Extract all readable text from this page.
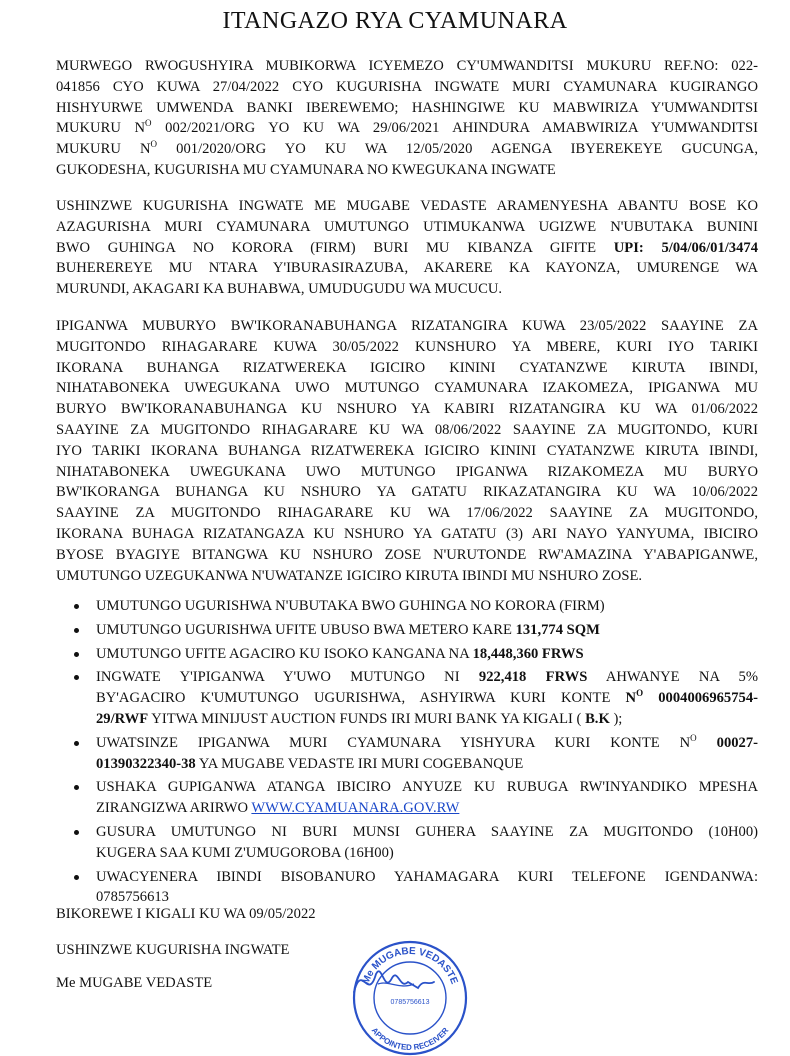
ITANGAZO RYA CYAMUNARA
MURWEGO RWOGUSHYIRA MUBIKORWA ICYEMEZO CY'UMWANDITSI MUKURU REF.NO: 022-
041856 CYO KUWA 27/04/2022 CYO KUGURISHA INGWATE MURI CYAMUNARA KUGIRANGO
HISHYURWE UMWENDA BANKI IBEREWEMO; HASHINGIWE KU MABWIRIZA Y'UMWANDITSI
MUKURU $N^O$ 002/2021/ORG YO KU WA 29/06/2021 AHINDURA AMABWIRIZA Y'UMWANDITSI
MUKURU $N^O$ 001/2020/ORG YO KU WA 12/05/2020 AGENGA IBYEREKEYE GUCUNGA,
GUKODESHA, KUGURISHA MU CYAMUNARA NO KWEGUKANA INGWATE
USHINZWE KUGURISHA INGWATE ME MUGABE VEDASTE ARAMENYESHA ABANTU BOSE KO
AZAGURISHA MURI CYAMUNARA UMUTUNGO UTIMUKANWA UGIZWE N'UBUTAKA BUNINI
BWO GUHINGA NO KORORA (FIRM) BURI MU KIBANZA GIFITE UPI: 5/04/06/01/3474
BUHEREREYE MU NTARA Y'IBURASIRAZUBA, AKARERE KA KAYONZA, UMURENGE WA
MURUNDI, AKAGARI KA BUHABWA, UMUDUGUDU WA MUCUCU.
IPIGANWA MUBURYO BW'IKORANABUHANGA RIZATANGIRA KUWA 23/05/2022 SAAYINE ZA
MUGITONDO RIHAGARARE KUWA 30/05/2022 KUNSHURO YA MBERE, KURI IYO TARIKI
IKORANA BUHANGA RIZATWEREKA IGICIRO KININI CYATANZWE KIRUTA IBINDI,
NIHATABONEKA UWEGUKANA UWO MUTUNGO CYAMUNARA IZAKOMEZA, IPIGANWA MU
BURYO BW'IKORANABUHANGA KU NSHURO YA KABIRI RIZATANGIRA KU WA 01/06/2022
SAAYINE ZA MUGITONDO RIHAGARARE KU WA 08/06/2022 SAAYINE ZA MUGITONDO, KURI
IYO TARIKI IKORANA BUHANGA RIZATWEREKA IGICIRO KININI CYATANZWE KIRUTA IBINDI,
NIHATABONEKA UWEGUKANA UWO MUTUNGO IPIGANWA RIZAKOMEZA MU BURYO
BW'IKORANGA BUHANGA KU NSHURO YA GATATU RIKAZATANGIRA KU WA 10/06/2022
SAAYINE ZA MUGITONDO RIHAGARARE KU WA 17/06/2022 SAAYINE ZA MUGITONDO,
IKORANA BUHAGA RIZATANGAZA KU NSHURO YA GATATU (3) ARI NAYO YANYUMA, IBICIRO
BYOSE BYAGIYE BITANGWA KU NSHURO ZOSE N'URUTONDE RW'AMAZINA Y'ABAPIGANWE,
UMUTUNGO UZEGUKANWA N'UWATANZE IGICIRO KIRUTA IBINDI MU NSHURO ZOSE.
UMUTUNGO UGURISHWA N'UBUTAKA BWO GUHINGA NO KORORA (FIRM)
UMUTUNGO UGURISHWA UFITE UBUSO BWA METERO KARE 131,774 SQM
UMUTUNGO UFITE AGACIRO KU ISOKO KANGANA NA 18,448,360 FRWS
INGWATE Y'IPIGANWA Y'UWO MUTUNGO NI 922,418 FRWS AHWANYE NA 5%
BY'AGACIRO K'UMUTUNGO UGURISHWA, ASHYIRWA KURI KONTE $N^O$ 0004006965754-
29/RWF YITWA MINIJUST AUCTION FUNDS IRI MURI BANK YA KIGALI ( B.K );
UWATSINZE IPIGANWA MURI CYAMUNARA YISHYURA KURI KONTE $N^O$ 00027-
01390322340-38 YA MUGABE VEDASTE IRI MURI COGEBANQUE
USHAKA GUPIGANWA ATANGA IBICIRO ANYUZE KU RUBUGA RW'INYANDIKO MPESHA
ZIRANGIZWA ARIRWO WWW.CYAMUANARA.GOV.RW
GUSURA UMUTUNGO NI BURI MUNSI GUHERA SAAYINE ZA MUGITONDO (10H00)
KUGERA SAA KUMI Z'UMUGOROBA (16H00)
UWACYENERA IBINDI BISOBANURO YAHAMAGARA KURI TELEFONE IGENDANWA:
0785756613
BIKOREWE I KIGALI KU WA 09/05/2022
USHINZWE KUGURISHA INGWATE
Me MUGABE VEDASTE	Me MUGABE VEDASTE
APPOINTED RECEIVER
0785756613
